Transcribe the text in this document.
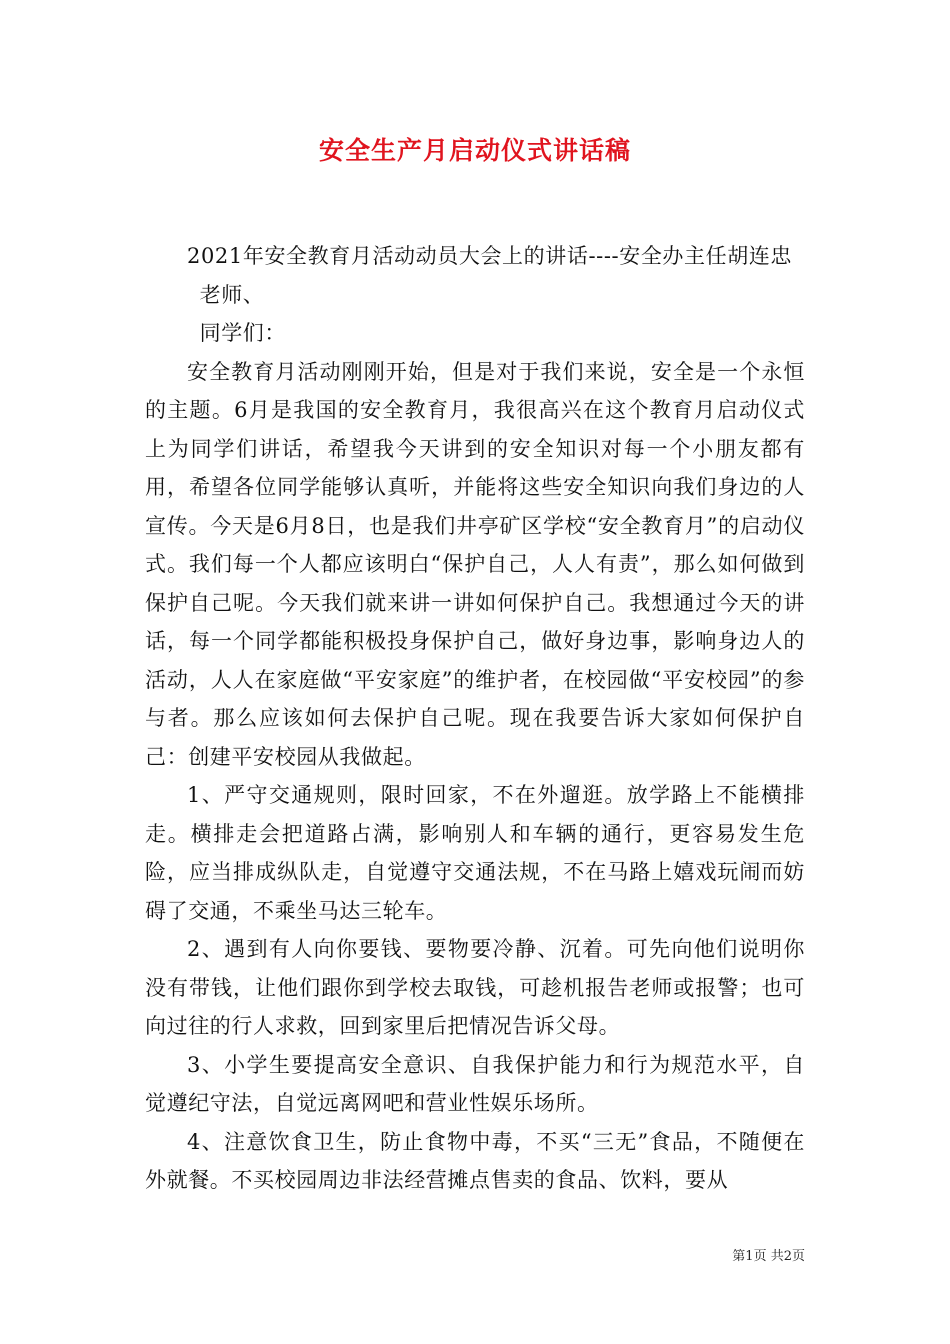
安全生产月启动仪式讲话稿

2021年安全教育月活动动员大会上的讲话----安全办主任胡连忠

老师、

同学们：

安全教育月活动刚刚开始，但是对于我们来说，安全是一个永恒的主题。6月是我国的安全教育月，我很高兴在这个教育月启动仪式上为同学们讲话，希望我今天讲到的安全知识对每一个小朋友都有用，希望各位同学能够认真听，并能将这些安全知识向我们身边的人宣传。今天是6月8日，也是我们井亭矿区学校“安全教育月”的启动仪式。我们每一个人都应该明白“保护自己，人人有责”，那么如何做到保护自己呢。今天我们就来讲一讲如何保护自己。我想通过今天的讲话，每一个同学都能积极投身保护自己，做好身边事，影响身边人的活动，人人在家庭做“平安家庭”的维护者，在校园做“平安校园”的参与者。那么应该如何去保护自己呢。现在我要告诉大家如何保护自己：创建平安校园从我做起。

1、严守交通规则，限时回家，不在外遛逛。放学路上不能横排走。横排走会把道路占满，影响别人和车辆的通行，更容易发生危险，应当排成纵队走，自觉遵守交通法规，不在马路上嬉戏玩闹而妨碍了交通，不乘坐马达三轮车。

2、遇到有人向你要钱、要物要冷静、沉着。可先向他们说明你没有带钱，让他们跟你到学校去取钱，可趁机报告老师或报警；也可向过往的行人求救，回到家里后把情况告诉父母。

3、小学生要提高安全意识、自我保护能力和行为规范水平，自觉遵纪守法，自觉远离网吧和营业性娱乐场所。

4、注意饮食卫生，防止食物中毒，不买“三无”食品，不随便在外就餐。不买校园周边非法经营摊点售卖的食品、饮料，要从

第1页 共2页
